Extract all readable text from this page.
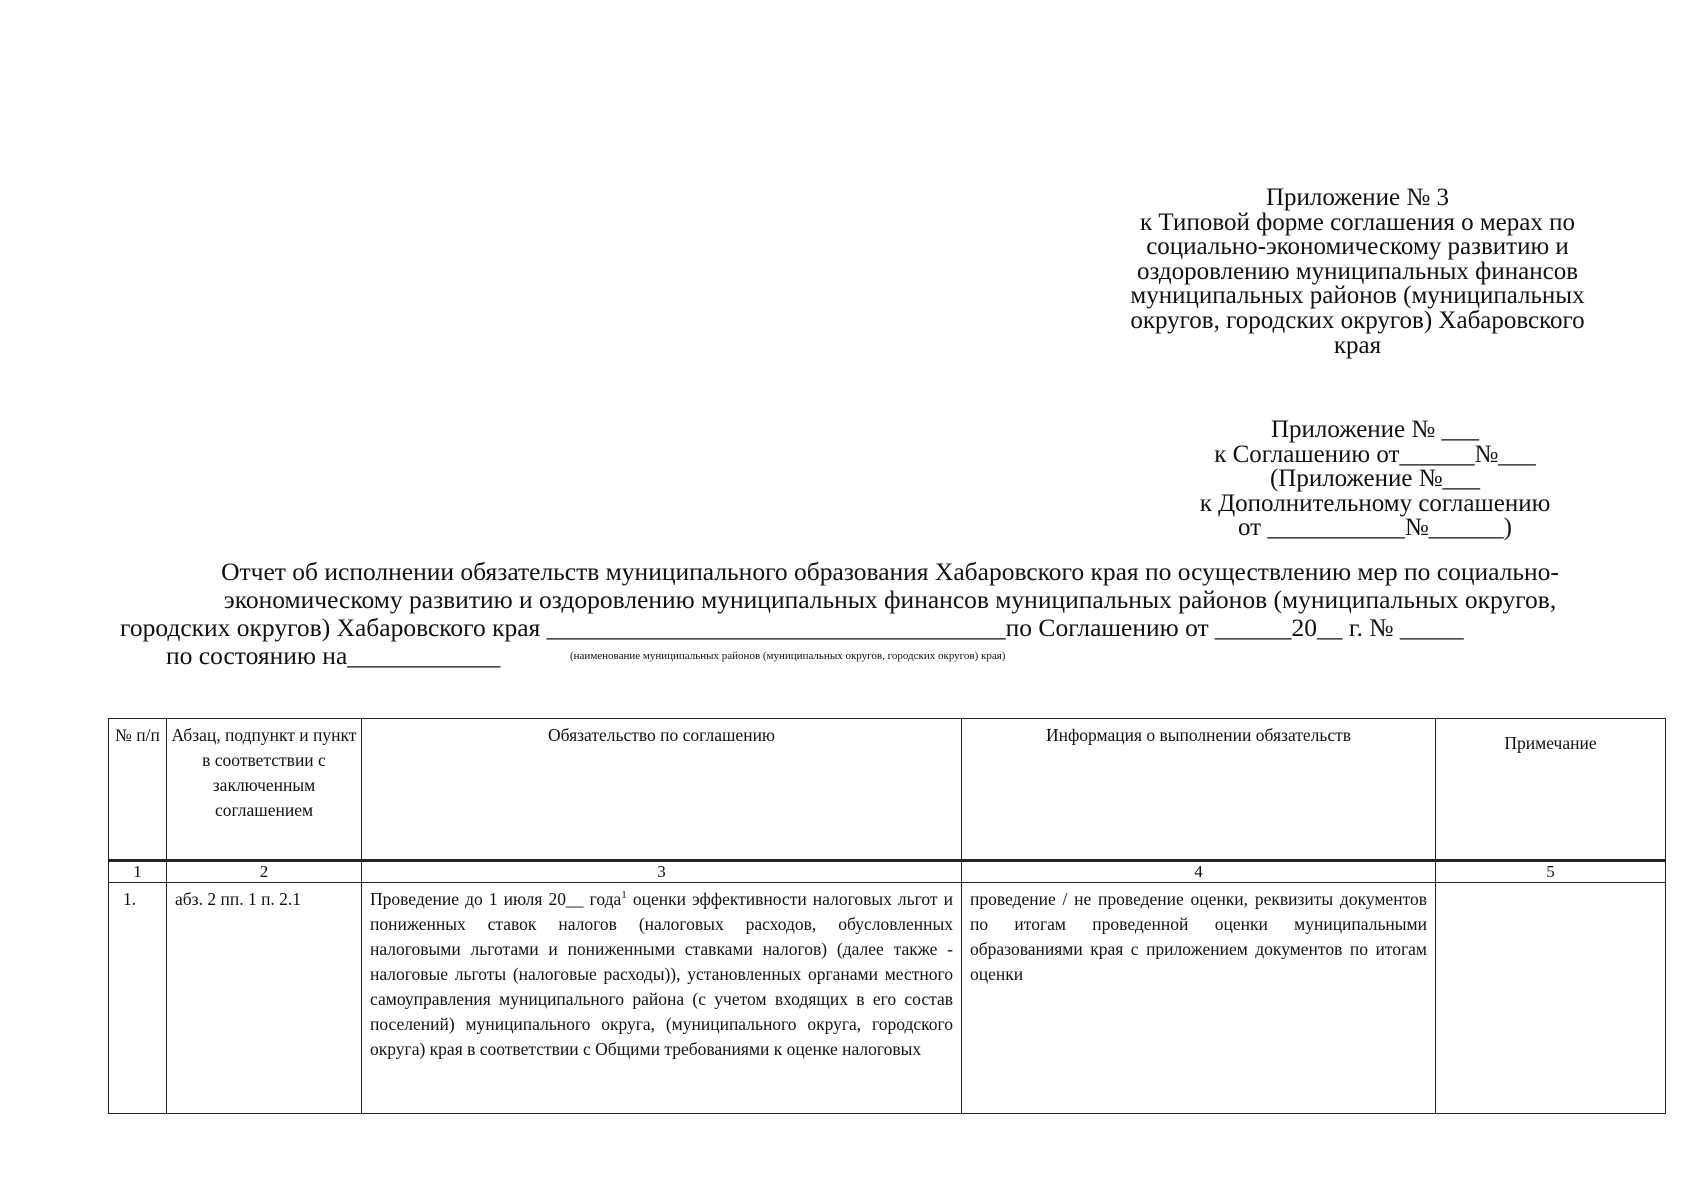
Приложение № 3
к Типовой форме соглашения о мерах по
социально-экономическому развитию и
оздоровлению муниципальных финансов
муниципальных районов (муниципальных
округов, городских округов) Хабаровского
края
Приложение № ___
к Соглашению от______№___
(Приложение №___
к Дополнительному соглашению
от ___________№______)
Отчет об исполнении обязательств муниципального образования Хабаровского края по осуществлению мер по социально-
экономическому развитию и оздоровлению муниципальных финансов муниципальных районов (муниципальных округов,
городских округов) Хабаровского края ____________________________________по Соглашению от ______20__ г. № _____
по состоянию на____________	(наименование муниципальных районов (муниципальных округов, городских округов) края)
№ п/п	Абзац, подпункт и пункт в соответствии с заключенным соглашением	Обязательство по соглашению	Информация о выполнении обязательств	Примечание
1	2	3	4	5
1.	абз. 2 пп. 1 п. 2.1	Проведение до 1 июля 20__ года$^1$ оценки эффективности налоговых льгот и пониженных ставок налогов (налоговых расходов, обусловленных налоговыми льготами и пониженными ставками налогов) (далее также - налоговые льготы (налоговые расходы)), установленных органами местного самоуправления муниципального района (с учетом входящих в его состав поселений) муниципального округа, (муниципального округа, городского округа) края в соответствии с Общими требованиями к оценке налоговых	проведение / не проведение оценки, реквизиты документов по итогам проведенной оценки муниципальными образованиями края с приложением документов по итогам оценки	
